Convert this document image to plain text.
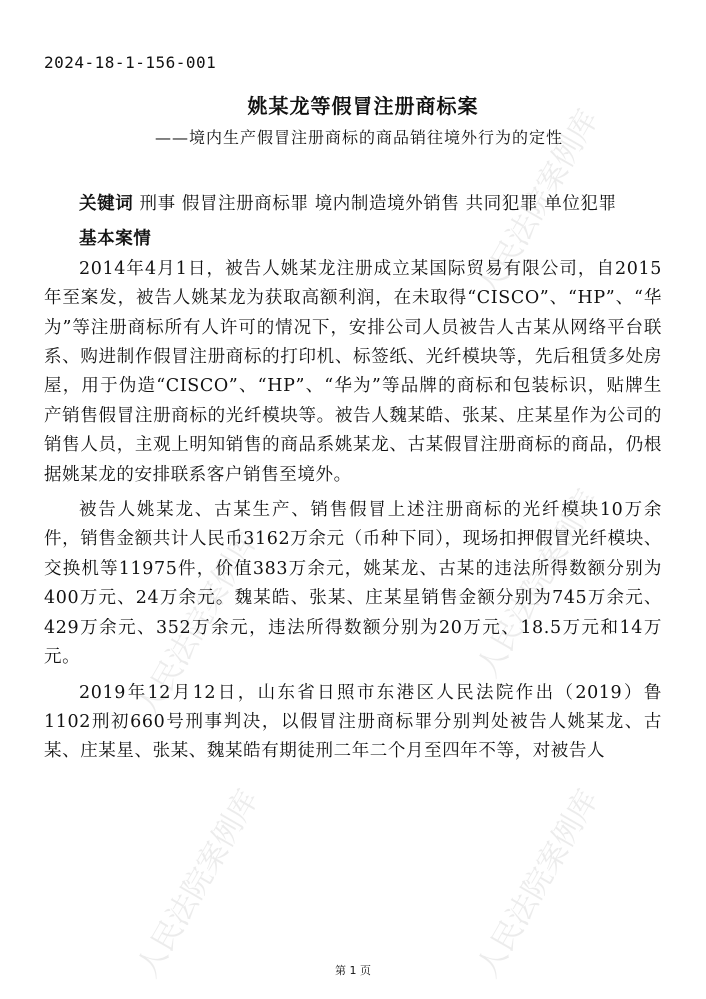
人民法院案例库
人民法院案例库	人民法院案例库
人民法院案例库	人民法院案例库
2024-18-1-156-001
姚某龙等假冒注册商标案
——境内生产假冒注册商标的商品销往境外行为的定性

关键词 刑事 假冒注册商标罪 境内制造境外销售 共同犯罪 单位犯罪

基本案情

2014年4月1日，被告人姚某龙注册成立某国际贸易有限公司，自2015年至案发，被告人姚某龙为获取高额利润，在未取得“CISCO”、“HP”、“华为”等注册商标所有人许可的情况下，安排公司人员被告人古某从网络平台联系、购进制作假冒注册商标的打印机、标签纸、光纤模块等，先后租赁多处房屋，用于伪造“CISCO”、“HP”、“华为”等品牌的商标和包装标识，贴牌生产销售假冒注册商标的光纤模块等。被告人魏某皓、张某、庄某星作为公司的销售人员，主观上明知销售的商品系姚某龙、古某假冒注册商标的商品，仍根据姚某龙的安排联系客户销售至境外。

被告人姚某龙、古某生产、销售假冒上述注册商标的光纤模块10万余件，销售金额共计人民币3162万余元（币种下同），现场扣押假冒光纤模块、交换机等11975件，价值383万余元，姚某龙、古某的违法所得数额分别为400万元、24万余元。魏某皓、张某、庄某星销售金额分别为745万余元、429万余元、352万余元，违法所得数额分别为20万元、18.5万元和14万元。

2019年12月12日，山东省日照市东港区人民法院作出（2019）鲁1102刑初660号刑事判决，以假冒注册商标罪分别判处被告人姚某龙、古某、庄某星、张某、魏某皓有期徒刑二年二个月至四年不等，对被告人

第 1 页
